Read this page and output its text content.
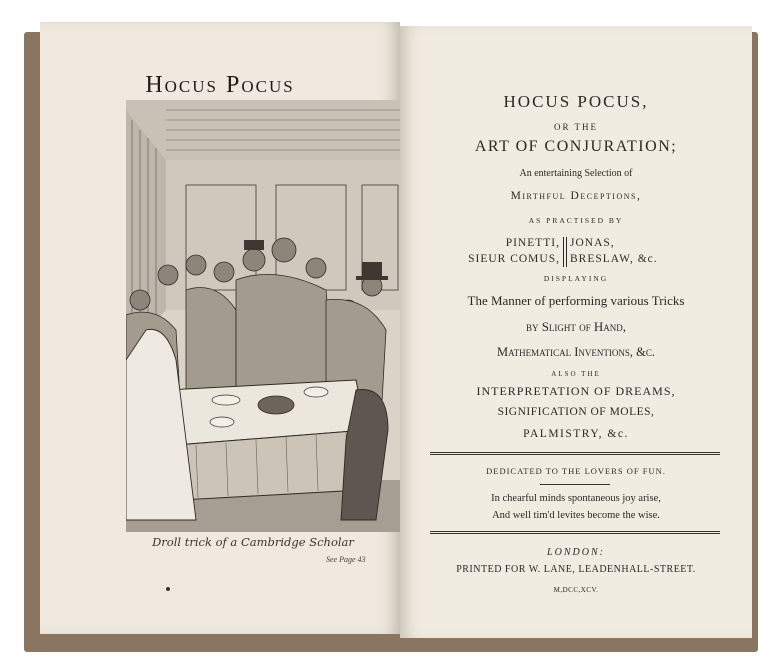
Hocus Pocus
Droll trick of a Cambridge Scholar
See Page 43
HOCUS POCUS,
OR THE
ART OF CONJURATION;
An entertaining Selection of
Mirthful Deceptions,
AS PRACTISED BY
PINETTI,
SIEUR COMUS,
JONAS,
BRESLAW, &c.
DISPLAYING
The Manner of performing various Tricks
by Slight of Hand,
Mathematical Inventions, &c.
ALSO THE
INTERPRETATION OF DREAMS,
SIGNIFICATION OF MOLES,
PALMISTRY, &c.
DEDICATED TO THE LOVERS OF FUN.
In chearful minds spontaneous joy arise,
And well tim'd levites become the wise.
LONDON:
PRINTED FOR W. LANE, LEADENHALL-STREET.
M,DCC,XCV.
